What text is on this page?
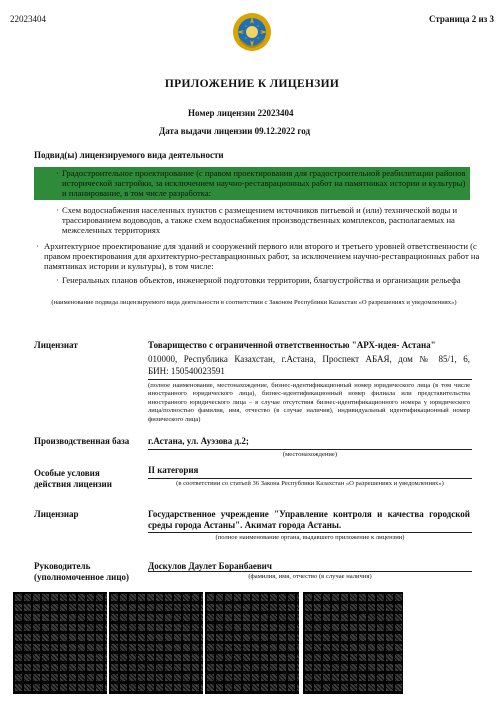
22023404	Страница 2 из 3
ПРИЛОЖЕНИЕ К ЛИЦЕНЗИИ
Номер лицензии 22023404
Дата выдачи лицензии 09.12.2022 год
Подвид(ы) лицензируемого вида деятельности
· Градостроительное проектирование (с правом проектирования для градостроительной реабилитации районов исторической застройки, за исключением научно-реставрационных работ на памятниках истории и культуры) и планирование, в том числе разработка:
· Схем водоснабжения населенных пунктов с размещением источников питьевой и (или) технической воды и трассированием водоводов, а также схем водоснабжения производственных комплексов, располагаемых на межселенных территориях
· Архитектурное проектирование для зданий и сооружений первого или второго и третьего уровней ответственности (с правом проектирования для архитектурно-реставрационных работ, за исключением научно-реставрационных работ на памятниках истории и культуры), в том числе:
· Генеральных планов объектов, инженерной подготовки территории, благоустройства и организации рельефа
(наименование подвида лицензируемого вида деятельности в соответствии с Законом Республики Казахстан «О разрешениях и уведомлениях»)
Лицензиат	Товарищество с ограниченной ответственностью "АРХ-идея- Астана"
010000, Республика Казахстан, г.Астана, Проспект АБАЯ, дом № 85/1, 6,
БИН: 150540023591
(полное наименование, местонахождение, бизнес-идентификационный номер юридического лица (в том числе иностранного юридического лица), бизнес-идентификационный номер филиала или представительства иностранного юридического лица – в случае отсутствия бизнес-идентификационного номера у юридического лица/полностью фамилия, имя, отчество (в случае наличия), индивидуальный идентификационный номер физического лица)
Производственная база г.Астана, ул. Ауэзова д.2;
(местонахождение)
Особые условия
действия лицензии
II категория
(в соответствии со статьей 36 Закона Республики Казахстан «О разрешениях и уведомлениях»)
Лицензиар	Государственное учреждение "Управление контроля и качества городской среды города Астаны". Акимат города Астаны.
(полное наименование органа, выдавшего приложение к лицензии)
Руководитель
(уполномоченное лицо)
Доскулов Даулет Боранбаевич
(фамилия, имя, отчество (в случае наличия)
